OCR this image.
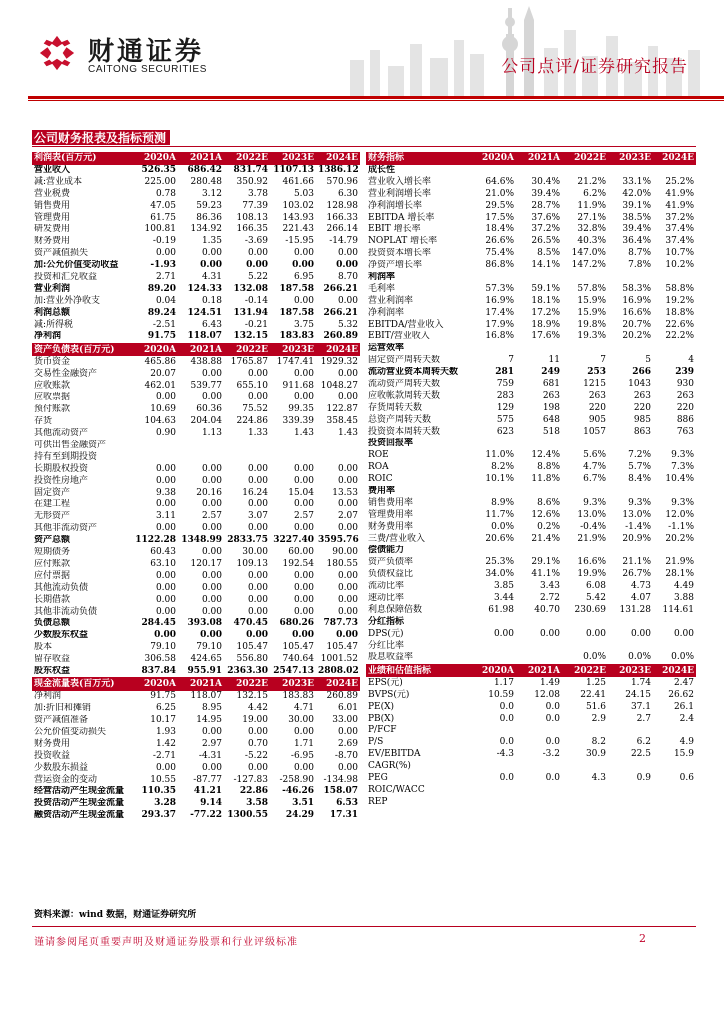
财通证券
CAITONG SECURITIES	公司点评/证券研究报告
公司财务报表及指标预测
利润表(百万元)	2020A	2021A	2022E	2023E	2024E
营业收入	526.35	686.42	831.74	1107.13	1386.12
减:营业成本	225.00	280.48	350.92	461.66	570.96
营业税费	0.78	3.12	3.78	5.03	6.30
销售费用	47.05	59.23	77.39	103.02	128.98
管理费用	61.75	86.36	108.13	143.93	166.33
研发费用	100.81	134.92	166.35	221.43	266.14
财务费用	-0.19	1.35	-3.69	-15.95	-14.79
资产减值损失	0.00	0.00	0.00	0.00	0.00
加:公允价值变动收益	-1.93	0.00	0.00	0.00	0.00
投资和汇兑收益	2.71	4.31	5.22	6.95	8.70
营业利润	89.20	124.33	132.08	187.58	266.21
加:营业外净收支	0.04	0.18	-0.14	0.00	0.00
利润总额	89.24	124.51	131.94	187.58	266.21
减:所得税	-2.51	6.43	-0.21	3.75	5.32
净利润	91.75	118.07	132.15	183.83	260.89
资产负债表(百万元)	2020A	2021A	2022E	2023E	2024E
货币资金	465.86	438.88	1765.87	1747.41	1929.32
交易性金融资产	20.07	0.00	0.00	0.00	0.00
应收账款	462.01	539.77	655.10	911.68	1048.27
应收票据	0.00	0.00	0.00	0.00	0.00
预付账款	10.69	60.36	75.52	99.35	122.87
存货	104.63	204.04	224.86	339.39	358.45
其他流动资产	0.90	1.13	1.33	1.43	1.43
可供出售金融资产					
持有至到期投资					
长期股权投资	0.00	0.00	0.00	0.00	0.00
投资性房地产	0.00	0.00	0.00	0.00	0.00
固定资产	9.38	20.16	16.24	15.04	13.53
在建工程	0.00	0.00	0.00	0.00	0.00
无形资产	3.11	2.57	3.07	2.57	2.07
其他非流动资产	0.00	0.00	0.00	0.00	0.00
资产总额	1122.28	1348.99	2833.75	3227.40	3595.76
短期债务	60.43	0.00	30.00	60.00	90.00
应付账款	63.10	120.17	109.13	192.54	180.55
应付票据	0.00	0.00	0.00	0.00	0.00
其他流动负债	0.00	0.00	0.00	0.00	0.00
长期借款	0.00	0.00	0.00	0.00	0.00
其他非流动负债	0.00	0.00	0.00	0.00	0.00
负债总额	284.45	393.08	470.45	680.26	787.73
少数股东权益	0.00	0.00	0.00	0.00	0.00
股本	79.10	79.10	105.47	105.47	105.47
留存收益	306.58	424.65	556.80	740.64	1001.52
股东权益	837.84	955.91	2363.30	2547.13	2808.02
现金流量表(百万元)	2020A	2021A	2022E	2023E	2024E
净利润	91.75	118.07	132.15	183.83	260.89
加:折旧和摊销	6.25	8.95	4.42	4.71	6.01
资产减值准备	10.17	14.95	19.00	30.00	33.00
公允价值变动损失	1.93	0.00	0.00	0.00	0.00
财务费用	1.42	2.97	0.70	1.71	2.69
投资收益	-2.71	-4.31	-5.22	-6.95	-8.70
少数股东损益	0.00	0.00	0.00	0.00	0.00
营运资金的变动	10.55	-87.77	-127.83	-258.90	-134.98
经营活动产生现金流量	110.35	41.21	22.86	-46.26	158.07
投资活动产生现金流量	3.28	9.14	3.58	3.51	6.53
融资活动产生现金流量	293.37	-77.22	1300.55	24.29	17.31
财务指标	2020A	2021A	2022E	2023E	2024E
成长性					
营业收入增长率	64.6%	30.4%	21.2%	33.1%	25.2%
营业利润增长率	21.0%	39.4%	6.2%	42.0%	41.9%
净利润增长率	29.5%	28.7%	11.9%	39.1%	41.9%
EBITDA 增长率	17.5%	37.6%	27.1%	38.5%	37.2%
EBIT 增长率	18.4%	37.2%	32.8%	39.4%	37.4%
NOPLAT 增长率	26.6%	26.5%	40.3%	36.4%	37.4%
投资资本增长率	75.4%	8.5%	147.0%	8.7%	10.7%
净资产增长率	86.8%	14.1%	147.2%	7.8%	10.2%
利润率					
毛利率	57.3%	59.1%	57.8%	58.3%	58.8%
营业利润率	16.9%	18.1%	15.9%	16.9%	19.2%
净利润率	17.4%	17.2%	15.9%	16.6%	18.8%
EBITDA/营业收入	17.9%	18.9%	19.8%	20.7%	22.6%
EBIT/营业收入	16.8%	17.6%	19.3%	20.2%	22.2%
运营效率					
固定资产周转天数	7	11	7	5	4
流动营业资本周转天数	281	249	253	266	239
流动资产周转天数	759	681	1215	1043	930
应收帐款周转天数	283	263	263	263	263
存货周转天数	129	198	220	220	220
总资产周转天数	575	648	905	985	886
投资资本周转天数	623	518	1057	863	763
投资回报率					
ROE	11.0%	12.4%	5.6%	7.2%	9.3%
ROA	8.2%	8.8%	4.7%	5.7%	7.3%
ROIC	10.1%	11.8%	6.7%	8.4%	10.4%
费用率					
销售费用率	8.9%	8.6%	9.3%	9.3%	9.3%
管理费用率	11.7%	12.6%	13.0%	13.0%	12.0%
财务费用率	0.0%	0.2%	-0.4%	-1.4%	-1.1%
三费/营业收入	20.6%	21.4%	21.9%	20.9%	20.2%
偿债能力					
资产负债率	25.3%	29.1%	16.6%	21.1%	21.9%
负债权益比	34.0%	41.1%	19.9%	26.7%	28.1%
流动比率	3.85	3.43	6.08	4.73	4.49
速动比率	3.44	2.72	5.42	4.07	3.88
利息保障倍数	61.98	40.70	230.69	131.28	114.61
分红指标					
DPS(元)	0.00	0.00	0.00	0.00	0.00
分红比率					
股息收益率			0.0%	0.0%	0.0%
业绩和估值指标	2020A	2021A	2022E	2023E	2024E
EPS(元)	1.17	1.49	1.25	1.74	2.47
BVPS(元)	10.59	12.08	22.41	24.15	26.62
PE(X)	0.0	0.0	51.6	37.1	26.1
PB(X)	0.0	0.0	2.9	2.7	2.4
P/FCF					
P/S	0.0	0.0	8.2	6.2	4.9
EV/EBITDA	-4.3	-3.2	30.9	22.5	15.9
CAGR(%)					
PEG	0.0	0.0	4.3	0.9	0.6
ROIC/WACC					
REP					
资料来源：wind 数据，财通证券研究所
谨请参阅尾页重要声明及财通证券股票和行业评级标准	2
